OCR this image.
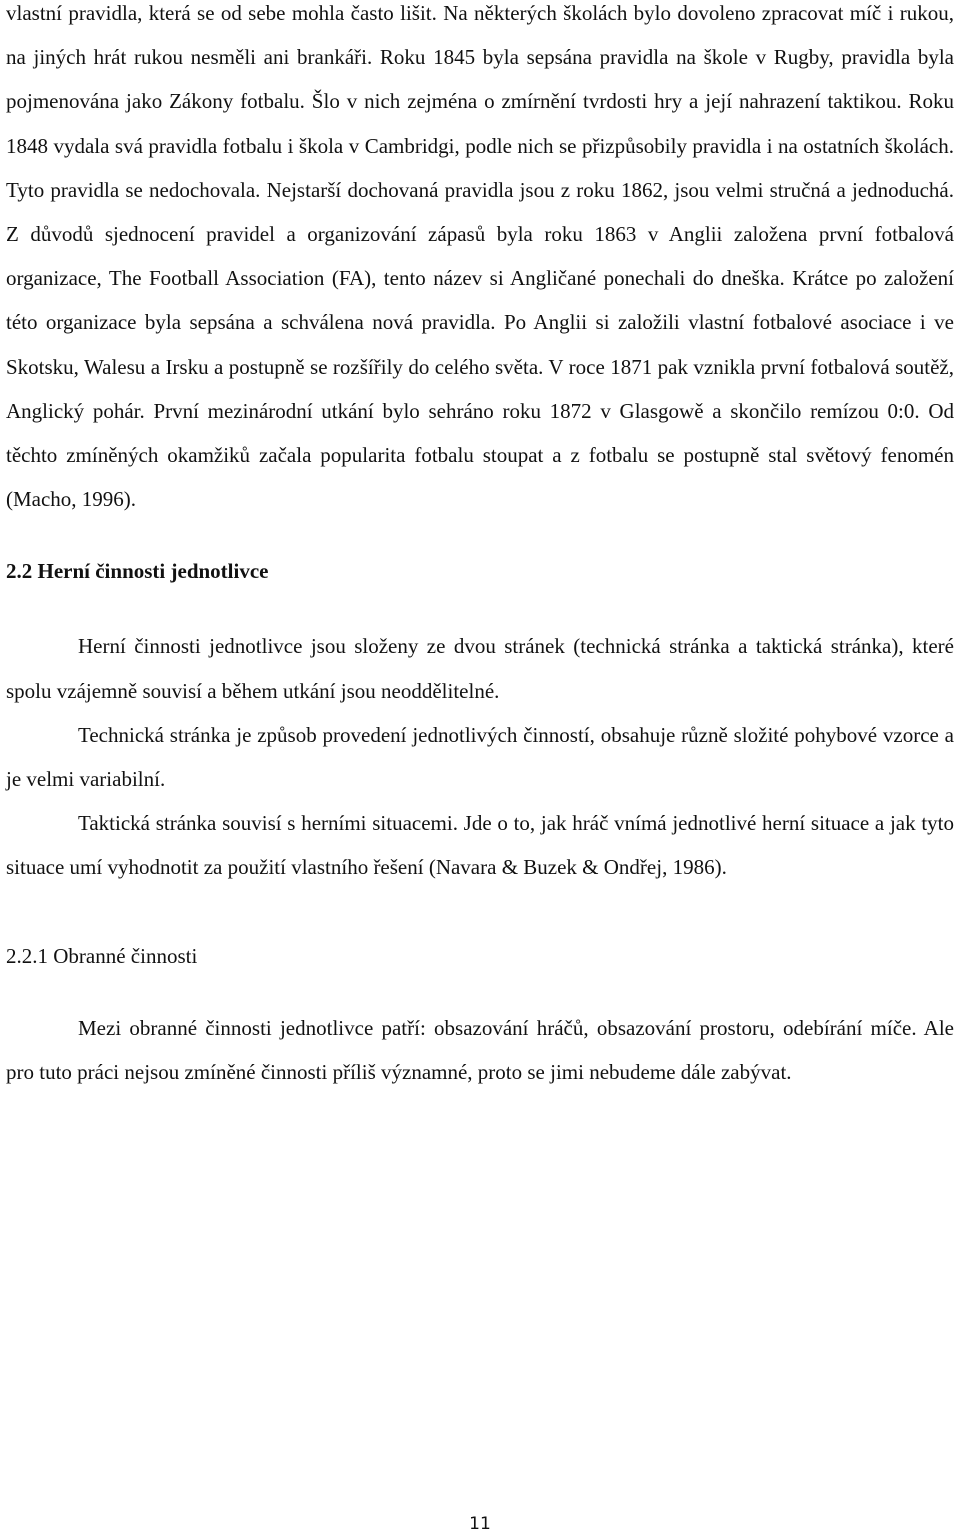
vlastní pravidla, která se od sebe mohla často lišit. Na některých školách bylo dovoleno zpracovat míč i rukou, na jiných hrát rukou nesměli ani brankáři. Roku 1845 byla sepsána pravidla na škole v Rugby, pravidla byla pojmenována jako Zákony fotbalu. Šlo v nich zejména o zmírnění tvrdosti hry a její nahrazení taktikou. Roku 1848 vydala svá pravidla fotbalu i škola v Cambridgi, podle nich se přizpůsobily pravidla i na ostatních školách. Tyto pravidla se nedochovala. Nejstarší dochovaná pravidla jsou z roku 1862, jsou velmi stručná a jednoduchá. Z důvodů sjednocení pravidel a organizování zápasů byla roku 1863 v Anglii založena první fotbalová organizace, The Football Association (FA), tento název si Angličané ponechali do dneška. Krátce po založení této organizace byla sepsána a schválena nová pravidla. Po Anglii si založili vlastní fotbalové asociace i ve Skotsku, Walesu a Irsku a postupně se rozšířily do celého světa. V roce 1871 pak vznikla první fotbalová soutěž, Anglický pohár. První mezinárodní utkání bylo sehráno roku 1872 v Glasgowě a skončilo remízou 0:0. Od těchto zmíněných okamžiků začala popularita fotbalu stoupat a z fotbalu se postupně stal světový fenomén (Macho, 1996).

2.2 Herní činnosti jednotlivce

Herní činnosti jednotlivce jsou složeny ze dvou stránek (technická stránka a taktická stránka), které spolu vzájemně souvisí a během utkání jsou neoddělitelné.

Technická stránka je způsob provedení jednotlivých činností, obsahuje různě složité pohybové vzorce a je velmi variabilní.

Taktická stránka souvisí s herními situacemi. Jde o to, jak hráč vnímá jednotlivé herní situace a jak tyto situace umí vyhodnotit za použití vlastního řešení (Navara & Buzek & Ondřej, 1986).

2.2.1 Obranné činnosti

Mezi obranné činnosti jednotlivce patří: obsazování hráčů, obsazování prostoru, odebírání míče. Ale pro tuto práci nejsou zmíněné činnosti příliš významné, proto se jimi nebudeme dále zabývat.

11
